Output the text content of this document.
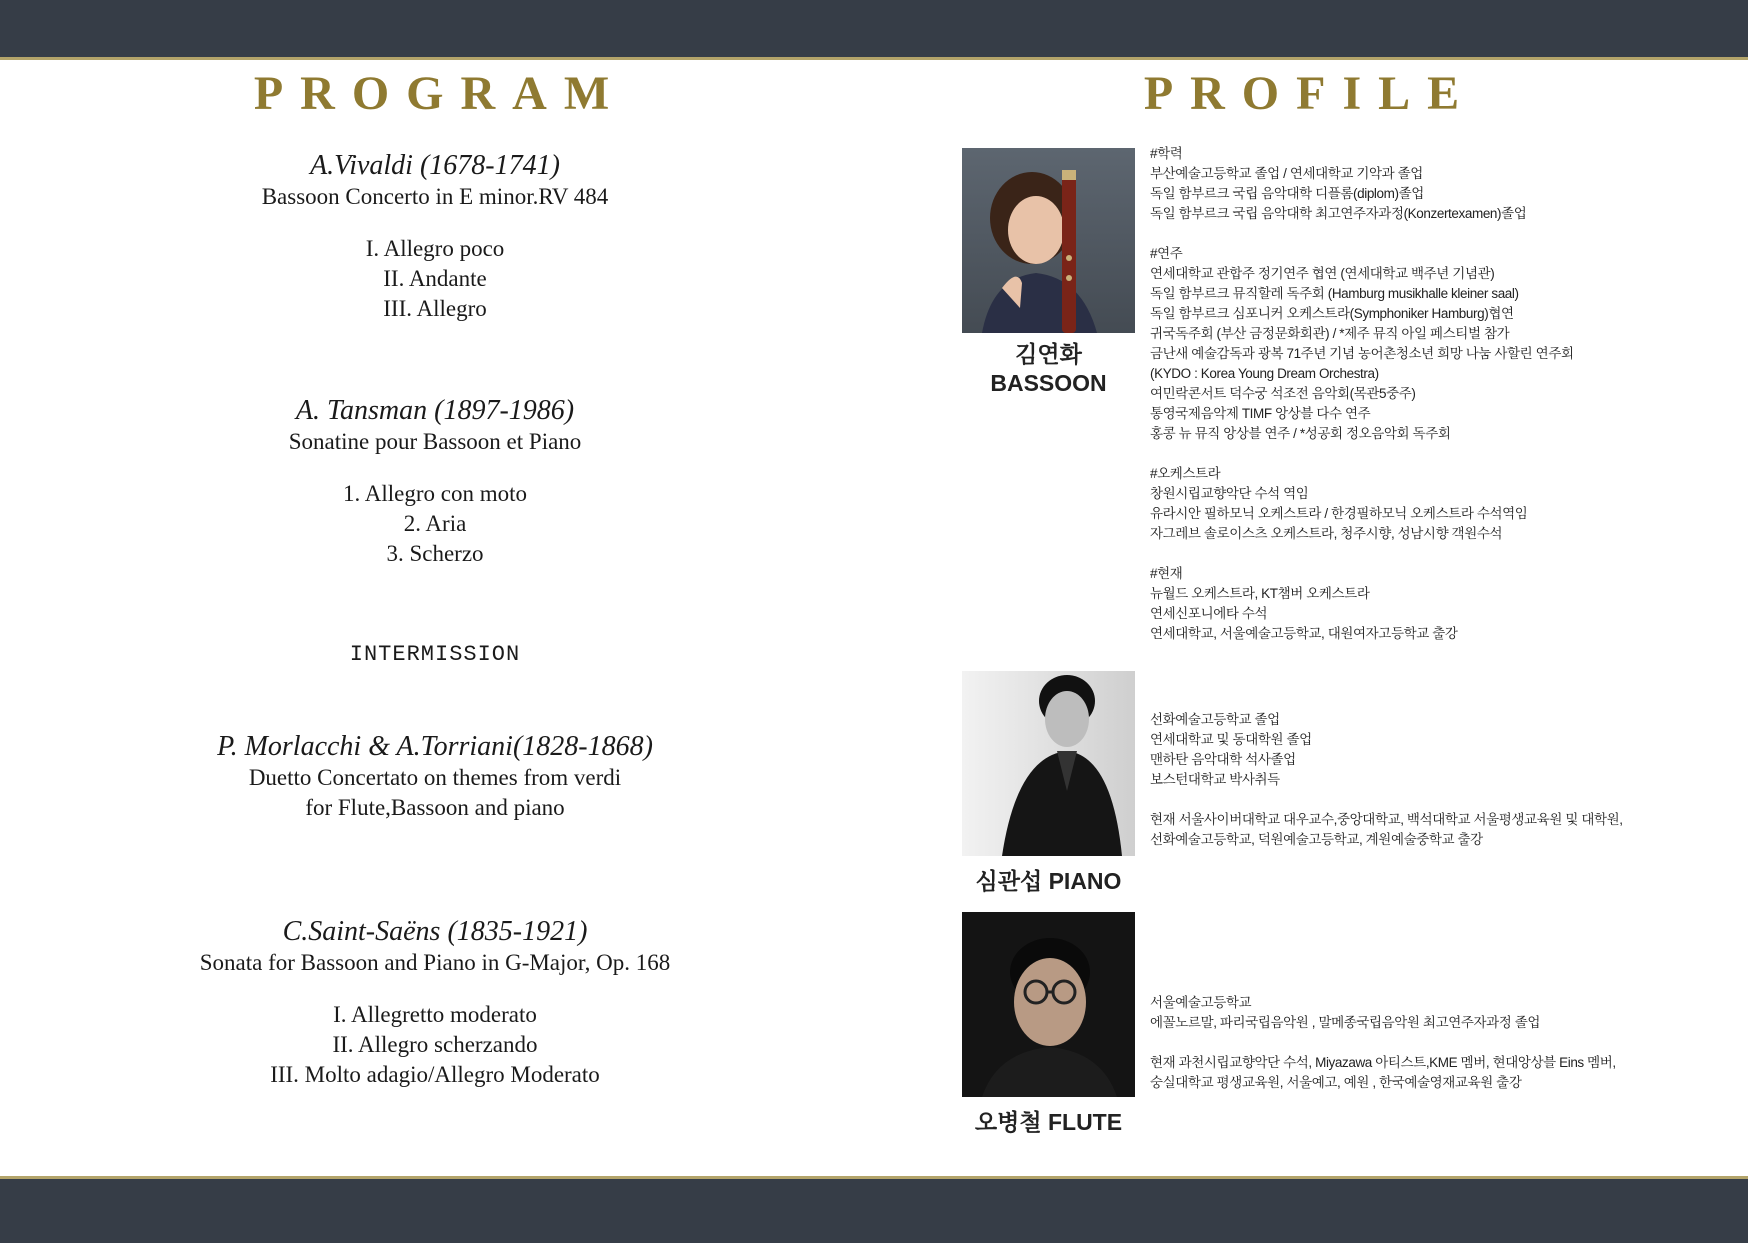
PROGRAM
A.Vivaldi (1678-1741)
Bassoon Concerto in E minor.RV 484
I. Allegro poco
II. Andante
III. Allegro
A. Tansman (1897-1986)
Sonatine pour Bassoon et Piano
1. Allegro con moto
2. Aria
3. Scherzo
INTERMISSION
P. Morlacchi & A.Torriani(1828-1868)
Duetto Concertato on themes from verdi
for Flute,Bassoon and piano
C.Saint-Saëns (1835-1921)
Sonata for Bassoon and Piano in G-Major, Op. 168
I. Allegretto moderato
II. Allegro scherzando
III. Molto adagio/Allegro Moderato
PROFILE
김연화
BASSOON
심관섭 PIANO
오병철 FLUTE
#학력
부산예술고등학교 졸업 / 연세대학교 기악과 졸업
독일 함부르크 국립 음악대학 디플롬(diplom)졸업
독일 함부르크 국립 음악대학 최고연주자과정(Konzertexamen)졸업
#연주
연세대학교 관합주 정기연주 협연 (연세대학교 백주년 기념관)
독일 함부르크 뮤직할레 독주회 (Hamburg musikhalle kleiner saal)
독일 함부르크 심포니커 오케스트라(Symphoniker Hamburg)협연
귀국독주회 (부산 금정문화회관) / *제주 뮤직 아일 페스티벌 참가
금난새 예술감독과 광복 71주년 기념 농어촌청소년 희망 나눔 사할린 연주회
(KYDO : Korea Young Dream Orchestra)
여민락콘서트 덕수궁 석조전 음악회(목관5중주)
통영국제음악제 TIMF 앙상블 다수 연주
홍콩 뉴 뮤직 앙상블 연주 / *성공회 정오음악회 독주회
#오케스트라
창원시립교향악단 수석 역임
유라시안 필하모닉 오케스트라 / 한경필하모닉 오케스트라 수석역임
자그레브 솔로이스츠 오케스트라, 청주시향, 성남시향 객원수석
#현재
뉴월드 오케스트라, KT챔버 오케스트라
연세신포니에타 수석
연세대학교, 서울예술고등학교, 대원여자고등학교 출강
선화예술고등학교 졸업
연세대학교 및 동대학원 졸업
맨하탄 음악대학 석사졸업
보스턴대학교 박사취득
현재 서울사이버대학교 대우교수,중앙대학교, 백석대학교 서울평생교육원 및 대학원,
선화예술고등학교, 덕원예술고등학교, 계원예술중학교 출강
서울예술고등학교
에꼴노르말, 파리국립음악원 , 말메종국립음악원 최고연주자과정 졸업
현재 과천시립교향악단 수석, Miyazawa 아티스트,KME 멤버, 현대앙상블 Eins 멤버,
숭실대학교 평생교육원, 서울예고, 예원 , 한국예술영재교육원 출강
